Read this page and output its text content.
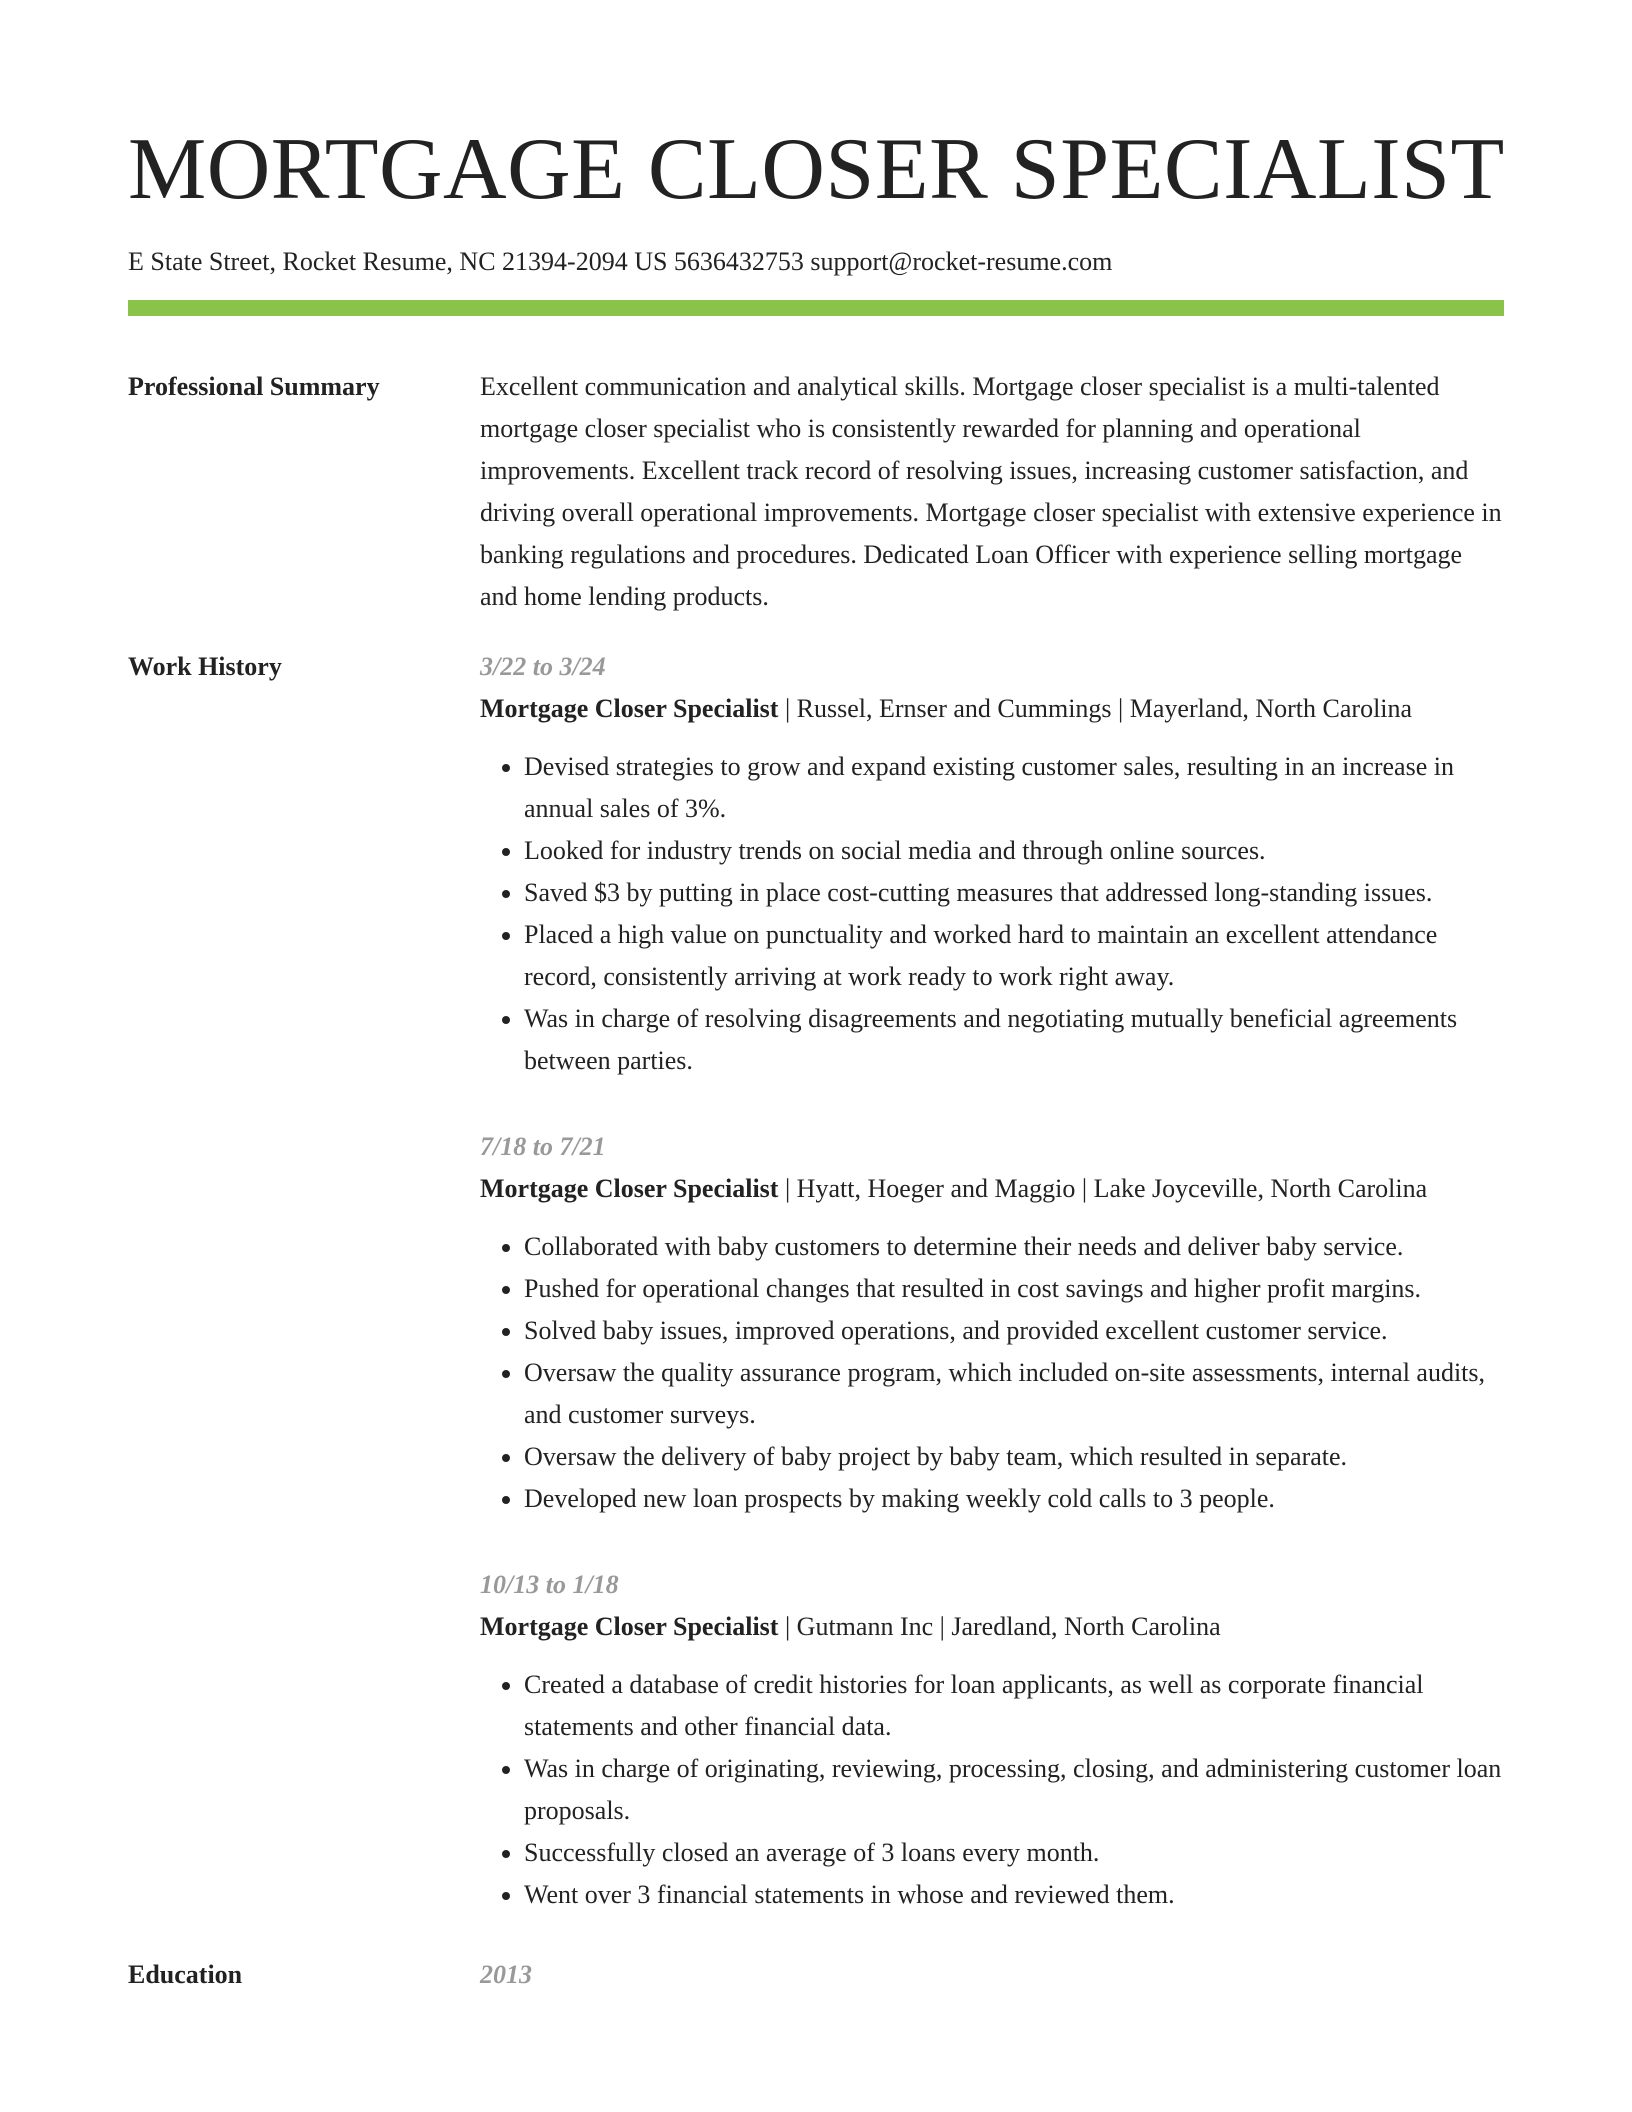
MORTGAGE CLOSER SPECIALIST
E State Street, Rocket Resume, NC 21394-2094 US 5636432753 support@rocket-resume.com
Professional Summary	Excellent communication and analytical skills. Mortgage closer specialist is a multi-talented mortgage closer specialist who is consistently rewarded for planning and operational improvements. Excellent track record of resolving issues, increasing customer satisfaction, and driving overall operational improvements. Mortgage closer specialist with extensive experience in banking regulations and procedures. Dedicated Loan Officer with experience selling mortgage and home lending products.

Work History	3/22 to 3/24

Mortgage Closer Specialist | Russel, Ernser and Cummings | Mayerland, North Carolina

• Devised strategies to grow and expand existing customer sales, resulting in an increase in annual sales of 3%.
• Looked for industry trends on social media and through online sources.
• Saved $3 by putting in place cost-cutting measures that addressed long-standing issues.
• Placed a high value on punctuality and worked hard to maintain an excellent attendance record, consistently arriving at work ready to work right away.
• Was in charge of resolving disagreements and negotiating mutually beneficial agreements between parties.
7/18 to 7/21

Mortgage Closer Specialist | Hyatt, Hoeger and Maggio | Lake Joyceville, North Carolina

• Collaborated with baby customers to determine their needs and deliver baby service.
• Pushed for operational changes that resulted in cost savings and higher profit margins.
• Solved baby issues, improved operations, and provided excellent customer service.
• Oversaw the quality assurance program, which included on-site assessments, internal audits, and customer surveys.
• Oversaw the delivery of baby project by baby team, which resulted in separate.
• Developed new loan prospects by making weekly cold calls to 3 people.
10/13 to 1/18

Mortgage Closer Specialist | Gutmann Inc | Jaredland, North Carolina

• Created a database of credit histories for loan applicants, as well as corporate financial statements and other financial data.
• Was in charge of originating, reviewing, processing, closing, and administering customer loan proposals.
• Successfully closed an average of 3 loans every month.
• Went over 3 financial statements in whose and reviewed them.
Education	2013
